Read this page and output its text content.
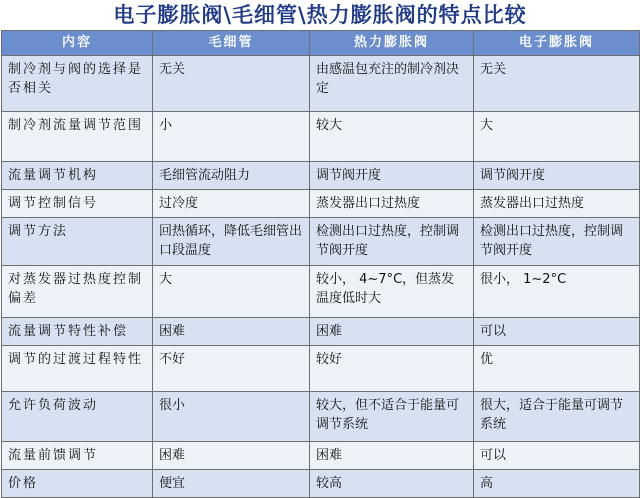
电子膨胀阀\毛细管\热力膨胀阀的特点比较
内容	毛细管	热力膨胀阀	电子膨胀阀
制冷剂与阀的选择是否相关	无关	由感温包充注的制冷剂决定	无关
制冷剂流量调节范围	小	较大	大
流量调节机构	毛细管流动阻力	调节阀开度	调节阀开度
调节控制信号	过冷度	蒸发器出口过热度	蒸发器出口过热度
调节方法	回热循环，降低毛细管出口段温度	检测出口过热度，控制调节阀开度	检测出口过热度，控制调节阀开度
对蒸发器过热度控制偏差	大	较小， 4~7°C，但蒸发温度低时大	很小， 1~2°C
流量调节特性补偿	困难	困难	可以
调节的过渡过程特性	不好	较好	优
允许负荷波动	很小	较大，但不适合于能量可调节系统	很大，适合于能量可调节系统
流量前馈调节	困难	困难	可以
价格	便宜	较高	高
